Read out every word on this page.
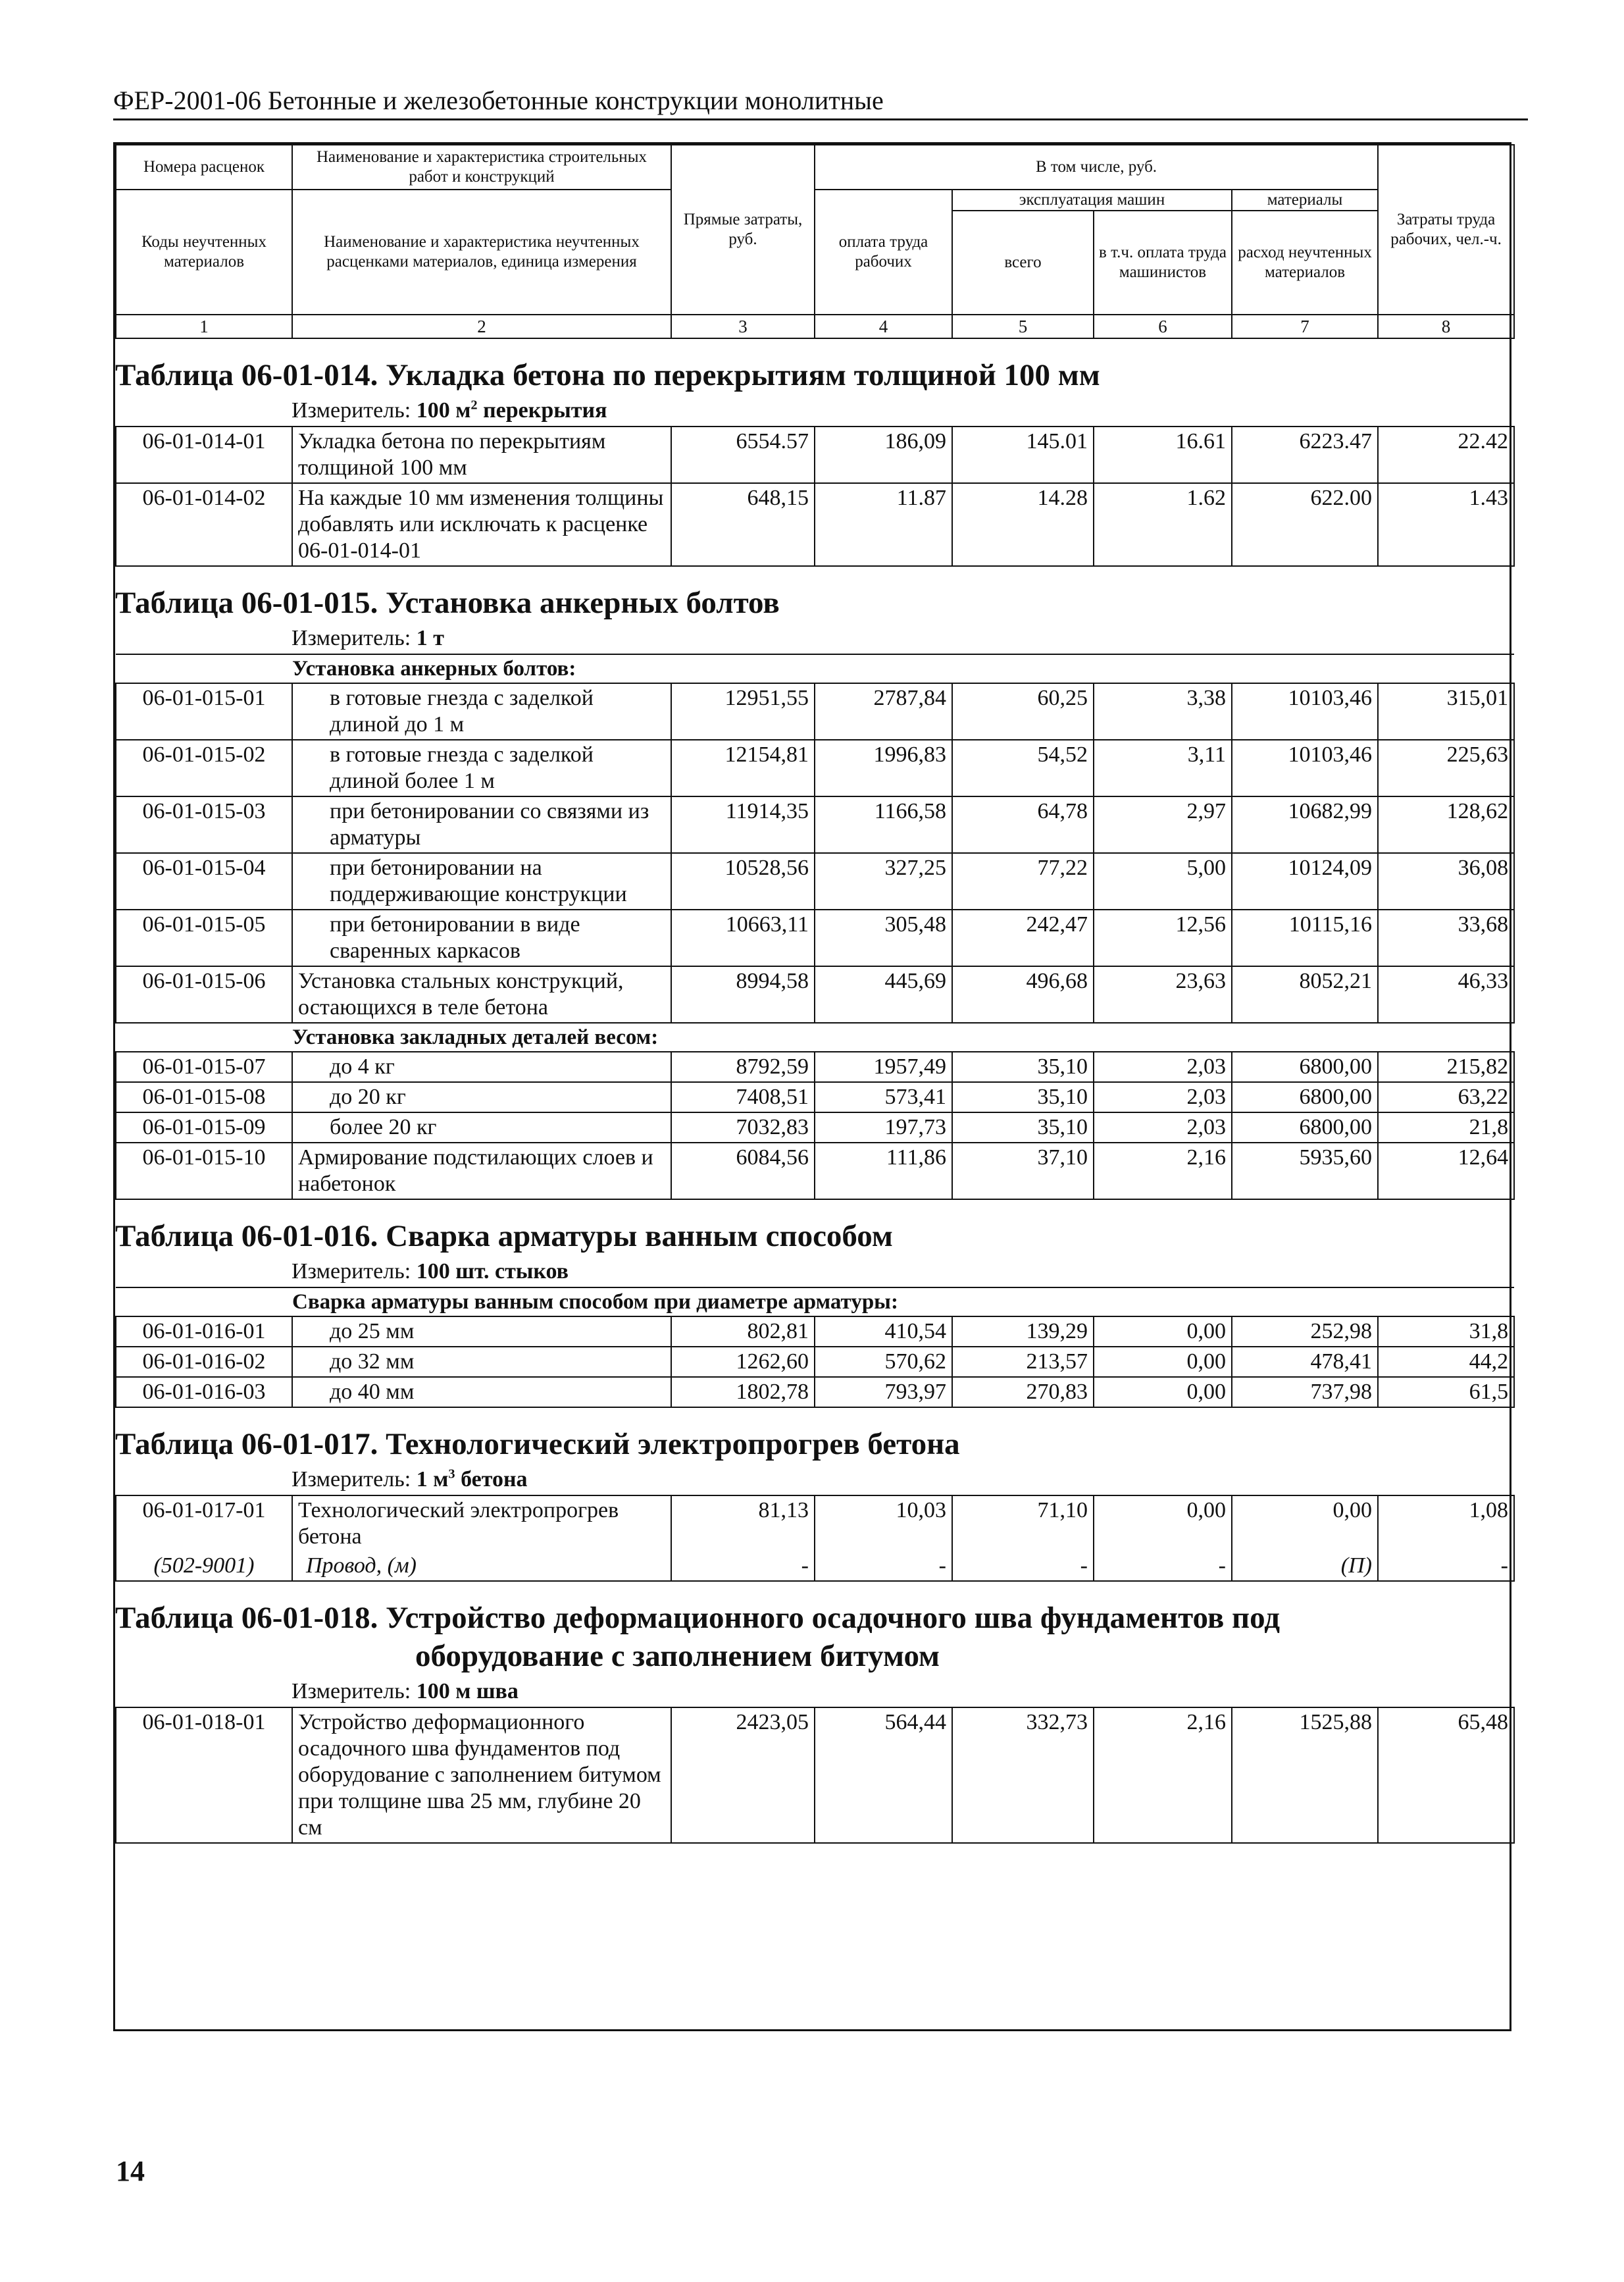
ФЕР-2001-06 Бетонные и железобетонные конструкции монолитные
Номера расценок	Наименование и характеристика строительных работ и конструкций	Прямые затраты, руб.	В том числе, руб.				Затраты труда рабочих, чел.-ч.
Коды неучтенных материалов	Наименование и характеристика неучтенных расценками материалов, единица измерения		оплата труда рабочих	эксплуатация машин		материалы	
				всего	в т.ч. оплата труда машинистов	расход неучтенных материалов	
1	2	3	4	5	6	7	8
Таблица 06-01-014. Укладка бетона по перекрытиям толщиной 100 мм
Измеритель: 100 $м^2$ перекрытия
06-01-014-01	Укладка бетона по перекрытиям толщиной 100 мм	6554.57	186,09	145.01	16.61	6223.47	22.42
06-01-014-02	На каждые 10 мм изменения толщины добавлять или исключать к расценке 06-01-014-01	648,15	11.87	14.28	1.62	622.00	1.43
Таблица 06-01-015. Установка анкерных болтов
Измеритель: 1 т
Установка анкерных болтов:							
06-01-015-01	в готовые гнезда с заделкой длиной до 1 м	12951,55	2787,84	60,25	3,38	10103,46	315,01
06-01-015-02	в готовые гнезда с заделкой длиной более 1 м	12154,81	1996,83	54,52	3,11	10103,46	225,63
06-01-015-03	при бетонировании со связями из арматуры	11914,35	1166,58	64,78	2,97	10682,99	128,62
06-01-015-04	при бетонировании на поддерживающие конструкции	10528,56	327,25	77,22	5,00	10124,09	36,08
06-01-015-05	при бетонировании в виде сваренных каркасов	10663,11	305,48	242,47	12,56	10115,16	33,68
06-01-015-06	Установка стальных конструкций, остающихся в теле бетона	8994,58	445,69	496,68	23,63	8052,21	46,33
Установка закладных деталей весом:							
06-01-015-07	до 4 кг	8792,59	1957,49	35,10	2,03	6800,00	215,82
06-01-015-08	до 20 кг	7408,51	573,41	35,10	2,03	6800,00	63,22
06-01-015-09	более 20 кг	7032,83	197,73	35,10	2,03	6800,00	21,8
06-01-015-10	Армирование подстилающих слоев и набетонок	6084,56	111,86	37,10	2,16	5935,60	12,64
Таблица 06-01-016. Сварка арматуры ванным способом
Измеритель: 100 шт. стыков
Сварка арматуры ванным способом при диаметре арматуры:							
06-01-016-01	до 25 мм	802,81	410,54	139,29	0,00	252,98	31,8
06-01-016-02	до 32 мм	1262,60	570,62	213,57	0,00	478,41	44,2
06-01-016-03	до 40 мм	1802,78	793,97	270,83	0,00	737,98	61,5
Таблица 06-01-017. Технологический электропрогрев бетона
Измеритель: 1 $м^3$ бетона
06-01-017-01	Технологический электропрогрев бетона	81,13	10,03	71,10	0,00	0,00	1,08
(502-9001)	Провод, (м)	-	-	-	-	(П)	-
Таблица 06-01-018. Устройство деформационного осадочного шва фундаментов под
оборудование с заполнением битумом
Измеритель: 100 м шва
06-01-018-01	Устройство деформационного осадочного шва фундаментов под оборудование с заполнением битумом при толщине шва 25 мм, глубине 20 см	2423,05	564,44	332,73	2,16	1525,88	65,48
14
